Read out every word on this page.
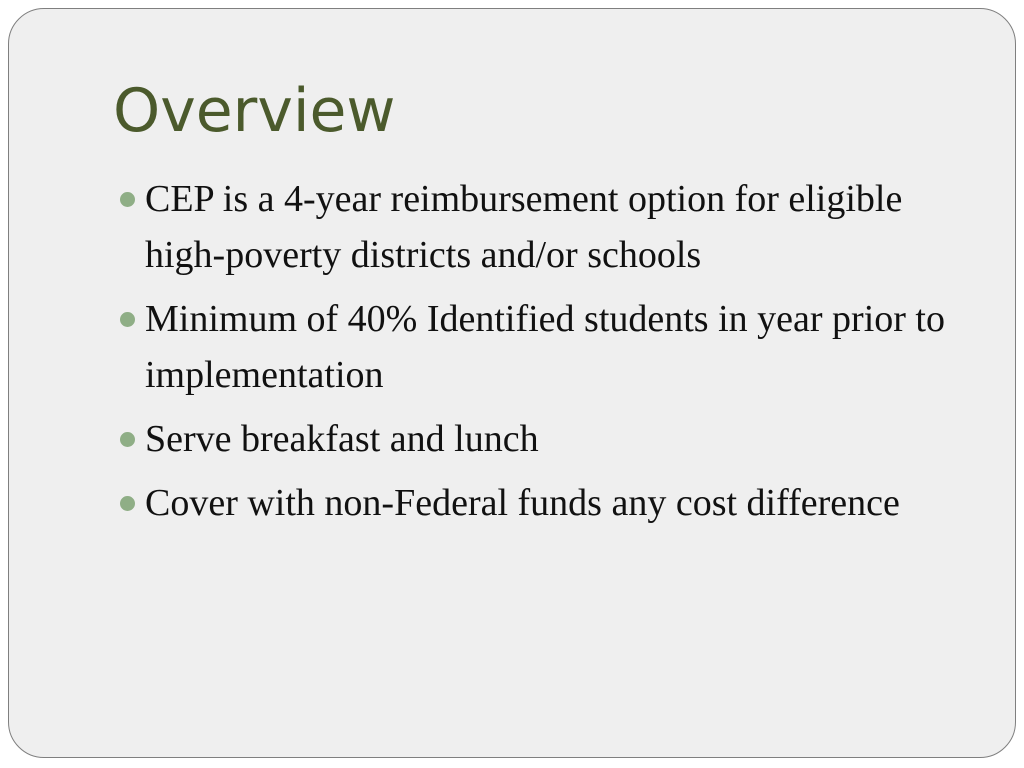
Overview
CEP is a 4-year reimbursement option for eligible high-poverty districts and/or schools
Minimum of 40% Identified students in year prior to implementation
Serve breakfast and lunch
Cover with non-Federal funds any cost difference
